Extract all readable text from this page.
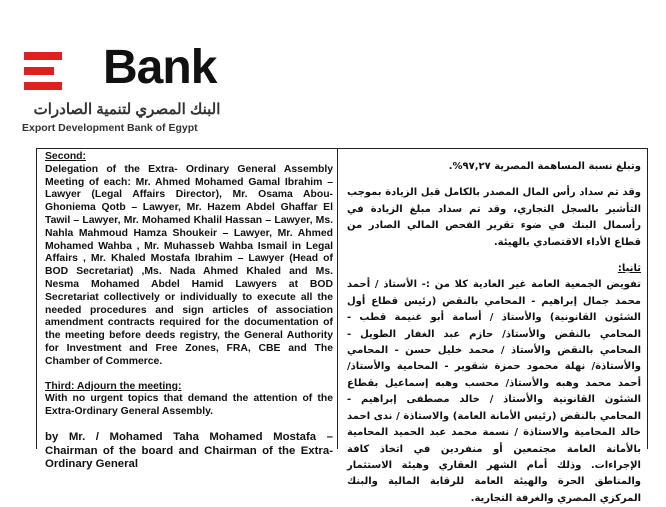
Bank
البنك المصري لتنمية الصادرات
Export Development Bank of Egypt

Second:

Delegation of the Extra- Ordinary General Assembly Meeting of each: Mr. Ahmed Mohamed Gamal Ibrahim – Lawyer (Legal Affairs Director), Mr. Osama Abou- Ghoniema Qotb – Lawyer, Mr. Hazem Abdel Ghaffar El Tawil – Lawyer, Mr. Mohamed Khalil Hassan – Lawyer, Ms. Nahla Mahmoud Hamza Shoukeir – Lawyer, Mr. Ahmed Mohamed Wahba , Mr. Muhasseb Wahba Ismail in Legal Affairs , Mr. Khaled Mostafa Ibrahim – Lawyer (Head of BOD Secretariat) ,Ms. Nada Ahmed Khaled and Ms. Nesma Mohamed Abdel Hamid Lawyers at BOD Secretariat collectively or individually to execute all the needed procedures and sign articles of association amendment contracts required for the documentation of the meeting before deeds registry, the General Authority for Investment and Free Zones, FRA, CBE and The Chamber of Commerce.

Third: Adjourn the meeting:

With no urgent topics that demand the attention of the Extra-Ordinary General Assembly.

by Mr. / Mohamed Taha Mohamed Mostafa – Chairman of the board and Chairman of the Extra- Ordinary General

وتبلغ نسبة المساهمة المصرية ٩٧,٢٧%.

وقد تم سداد رأس المال المصدر بالكامل قبل الزيادة بموجب التأشير بالسجل التجاري، وقد تم سداد مبلغ الزيادة في رأسمال البنك في ضوء تقرير الفحص المالي الصادر من قطاع الأداء الاقتصادي بالهيئة.

ثانيا:

تفويض الجمعية العامة غير العادية كلا من :- الأستاذ / أحمد محمد جمال إبراهيم - المحامي بالنقض (رئيس قطاع أول الشئون القانونية) والأستاذ / أسامة أبو غنيمة قطب - المحامي بالنقض والأستاذ/ حازم عبد الغفار الطويل - المحامي بالنقض والأستاذ / محمد خليل حسن - المحامي والأستاذة/ نهلة محمود حمزة شقوير - المحامية والأستاذ/ أحمد محمد وهبه والأستاذ/ محسب وهبه إسماعيل بقطاع الشئون القانونية والأستاذ / خالد مصطفى إبراهيم - المحامي بالنقض (رئيس الأمانة العامة) والاستاذة / ندى احمد خالد المحامية والاستاذة / نسمة محمد عبد الحميد المحامية بالأمانة العامة مجتمعين أو منفردين في اتخاذ كافة الإجراءات. وذلك أمام الشهر العقاري وهيئة الاستثمار والمناطق الحرة والهيئة العامة للرقابة المالية والبنك المركزي المصري والغرفة التجارية.
